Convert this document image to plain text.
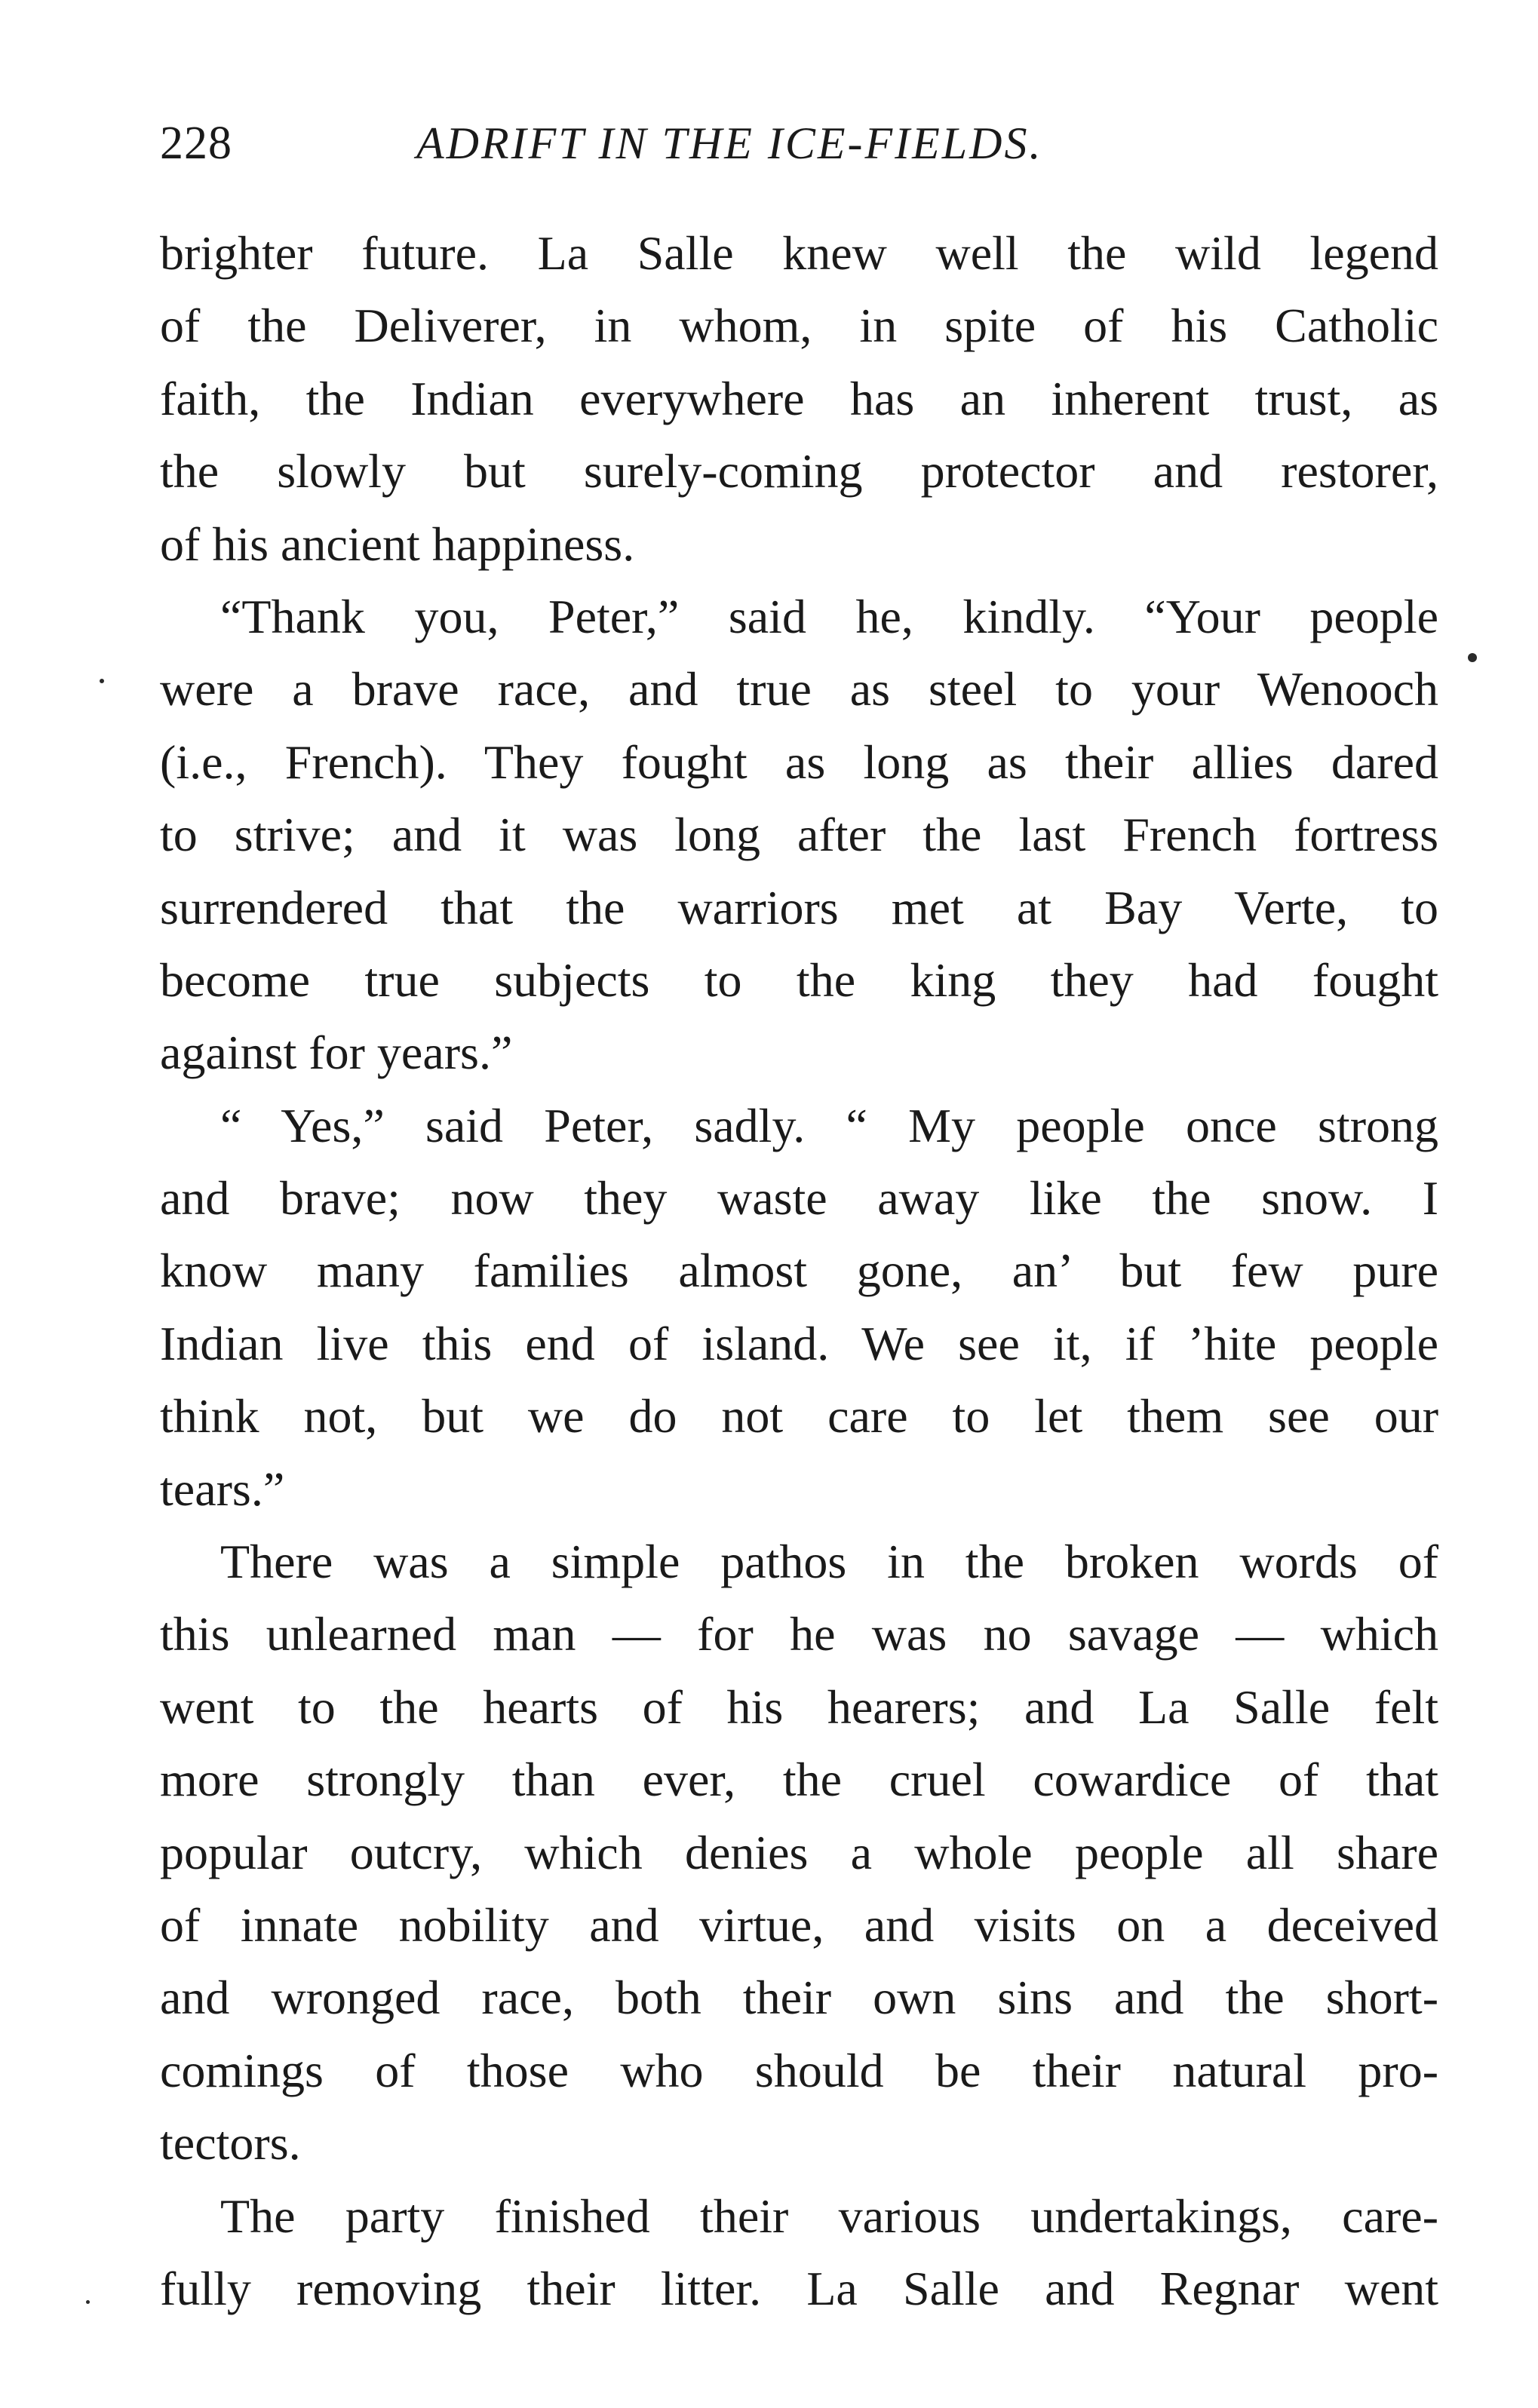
228	ADRIFT IN THE ICE-FIELDS.

brighter future. La Salle knew well the wild legend
of the Deliverer, in whom, in spite of his Catholic
faith, the Indian everywhere has an inherent trust, as
the slowly but surely-coming protector and restorer,
of his ancient happiness.

“Thank you, Peter,” said he, kindly. “Your people
were a brave race, and true as steel to your Wenooch
(i.e., French). They fought as long as their allies dared
to strive; and it was long after the last French fortress
surrendered that the warriors met at Bay Verte, to
become true subjects to the king they had fought
against for years.”

“ Yes,” said Peter, sadly. “ My people once strong
and brave; now they waste away like the snow. I
know many families almost gone, an’ but few pure
Indian live this end of island. We see it, if ’hite people
think not, but we do not care to let them see our
tears.”

There was a simple pathos in the broken words of
this unlearned man — for he was no savage — which
went to the hearts of his hearers; and La Salle felt
more strongly than ever, the cruel cowardice of that
popular outcry, which denies a whole people all share
of innate nobility and virtue, and visits on a deceived
and wronged race, both their own sins and the short-
comings of those who should be their natural pro-
tectors.

The party finished their various undertakings, care-
fully removing their litter. La Salle and Regnar went
